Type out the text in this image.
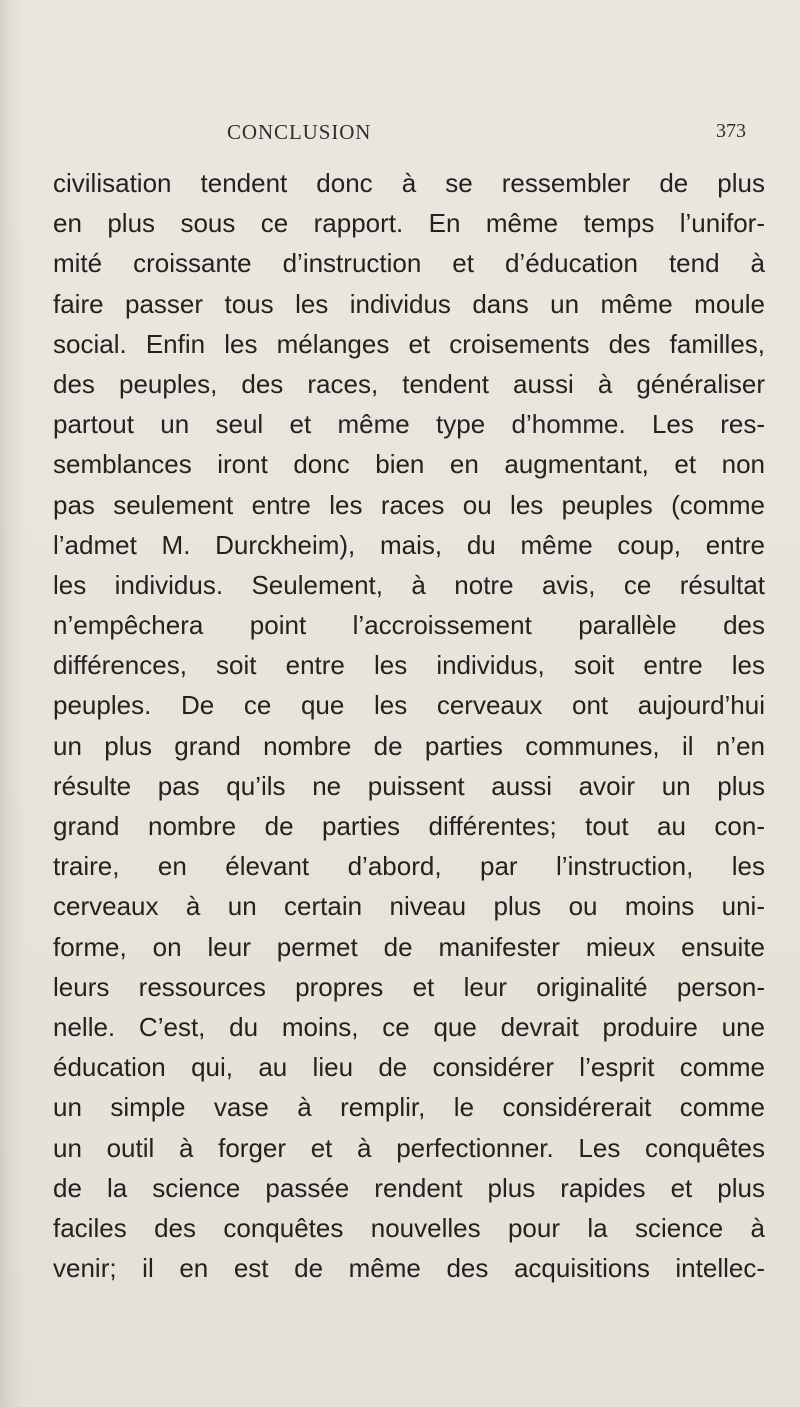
CONCLUSION	373
civilisation tendent donc à se ressembler de plus
en plus sous ce rapport. En même temps l’unifor-
mité croissante d’instruction et d’éducation tend à
faire passer tous les individus dans un même moule
social. Enfin les mélanges et croisements des familles,
des peuples, des races, tendent aussi à généraliser
partout un seul et même type d’homme. Les res-
semblances iront donc bien en augmentant, et non
pas seulement entre les races ou les peuples (comme
l’admet M. Durckheim), mais, du même coup, entre
les individus. Seulement, à notre avis, ce résultat
n’empêchera point l’accroissement parallèle des
différences, soit entre les individus, soit entre les
peuples. De ce que les cerveaux ont aujourd’hui
un plus grand nombre de parties communes, il n’en
résulte pas qu’ils ne puissent aussi avoir un plus
grand nombre de parties différentes; tout au con-
traire, en élevant d’abord, par l’instruction, les
cerveaux à un certain niveau plus ou moins uni-
forme, on leur permet de manifester mieux ensuite
leurs ressources propres et leur originalité person-
nelle. C’est, du moins, ce que devrait produire une
éducation qui, au lieu de considérer l’esprit comme
un simple vase à remplir, le considérerait comme
un outil à forger et à perfectionner. Les conquêtes
de la science passée rendent plus rapides et plus
faciles des conquêtes nouvelles pour la science à
venir; il en est de même des acquisitions intellec-
